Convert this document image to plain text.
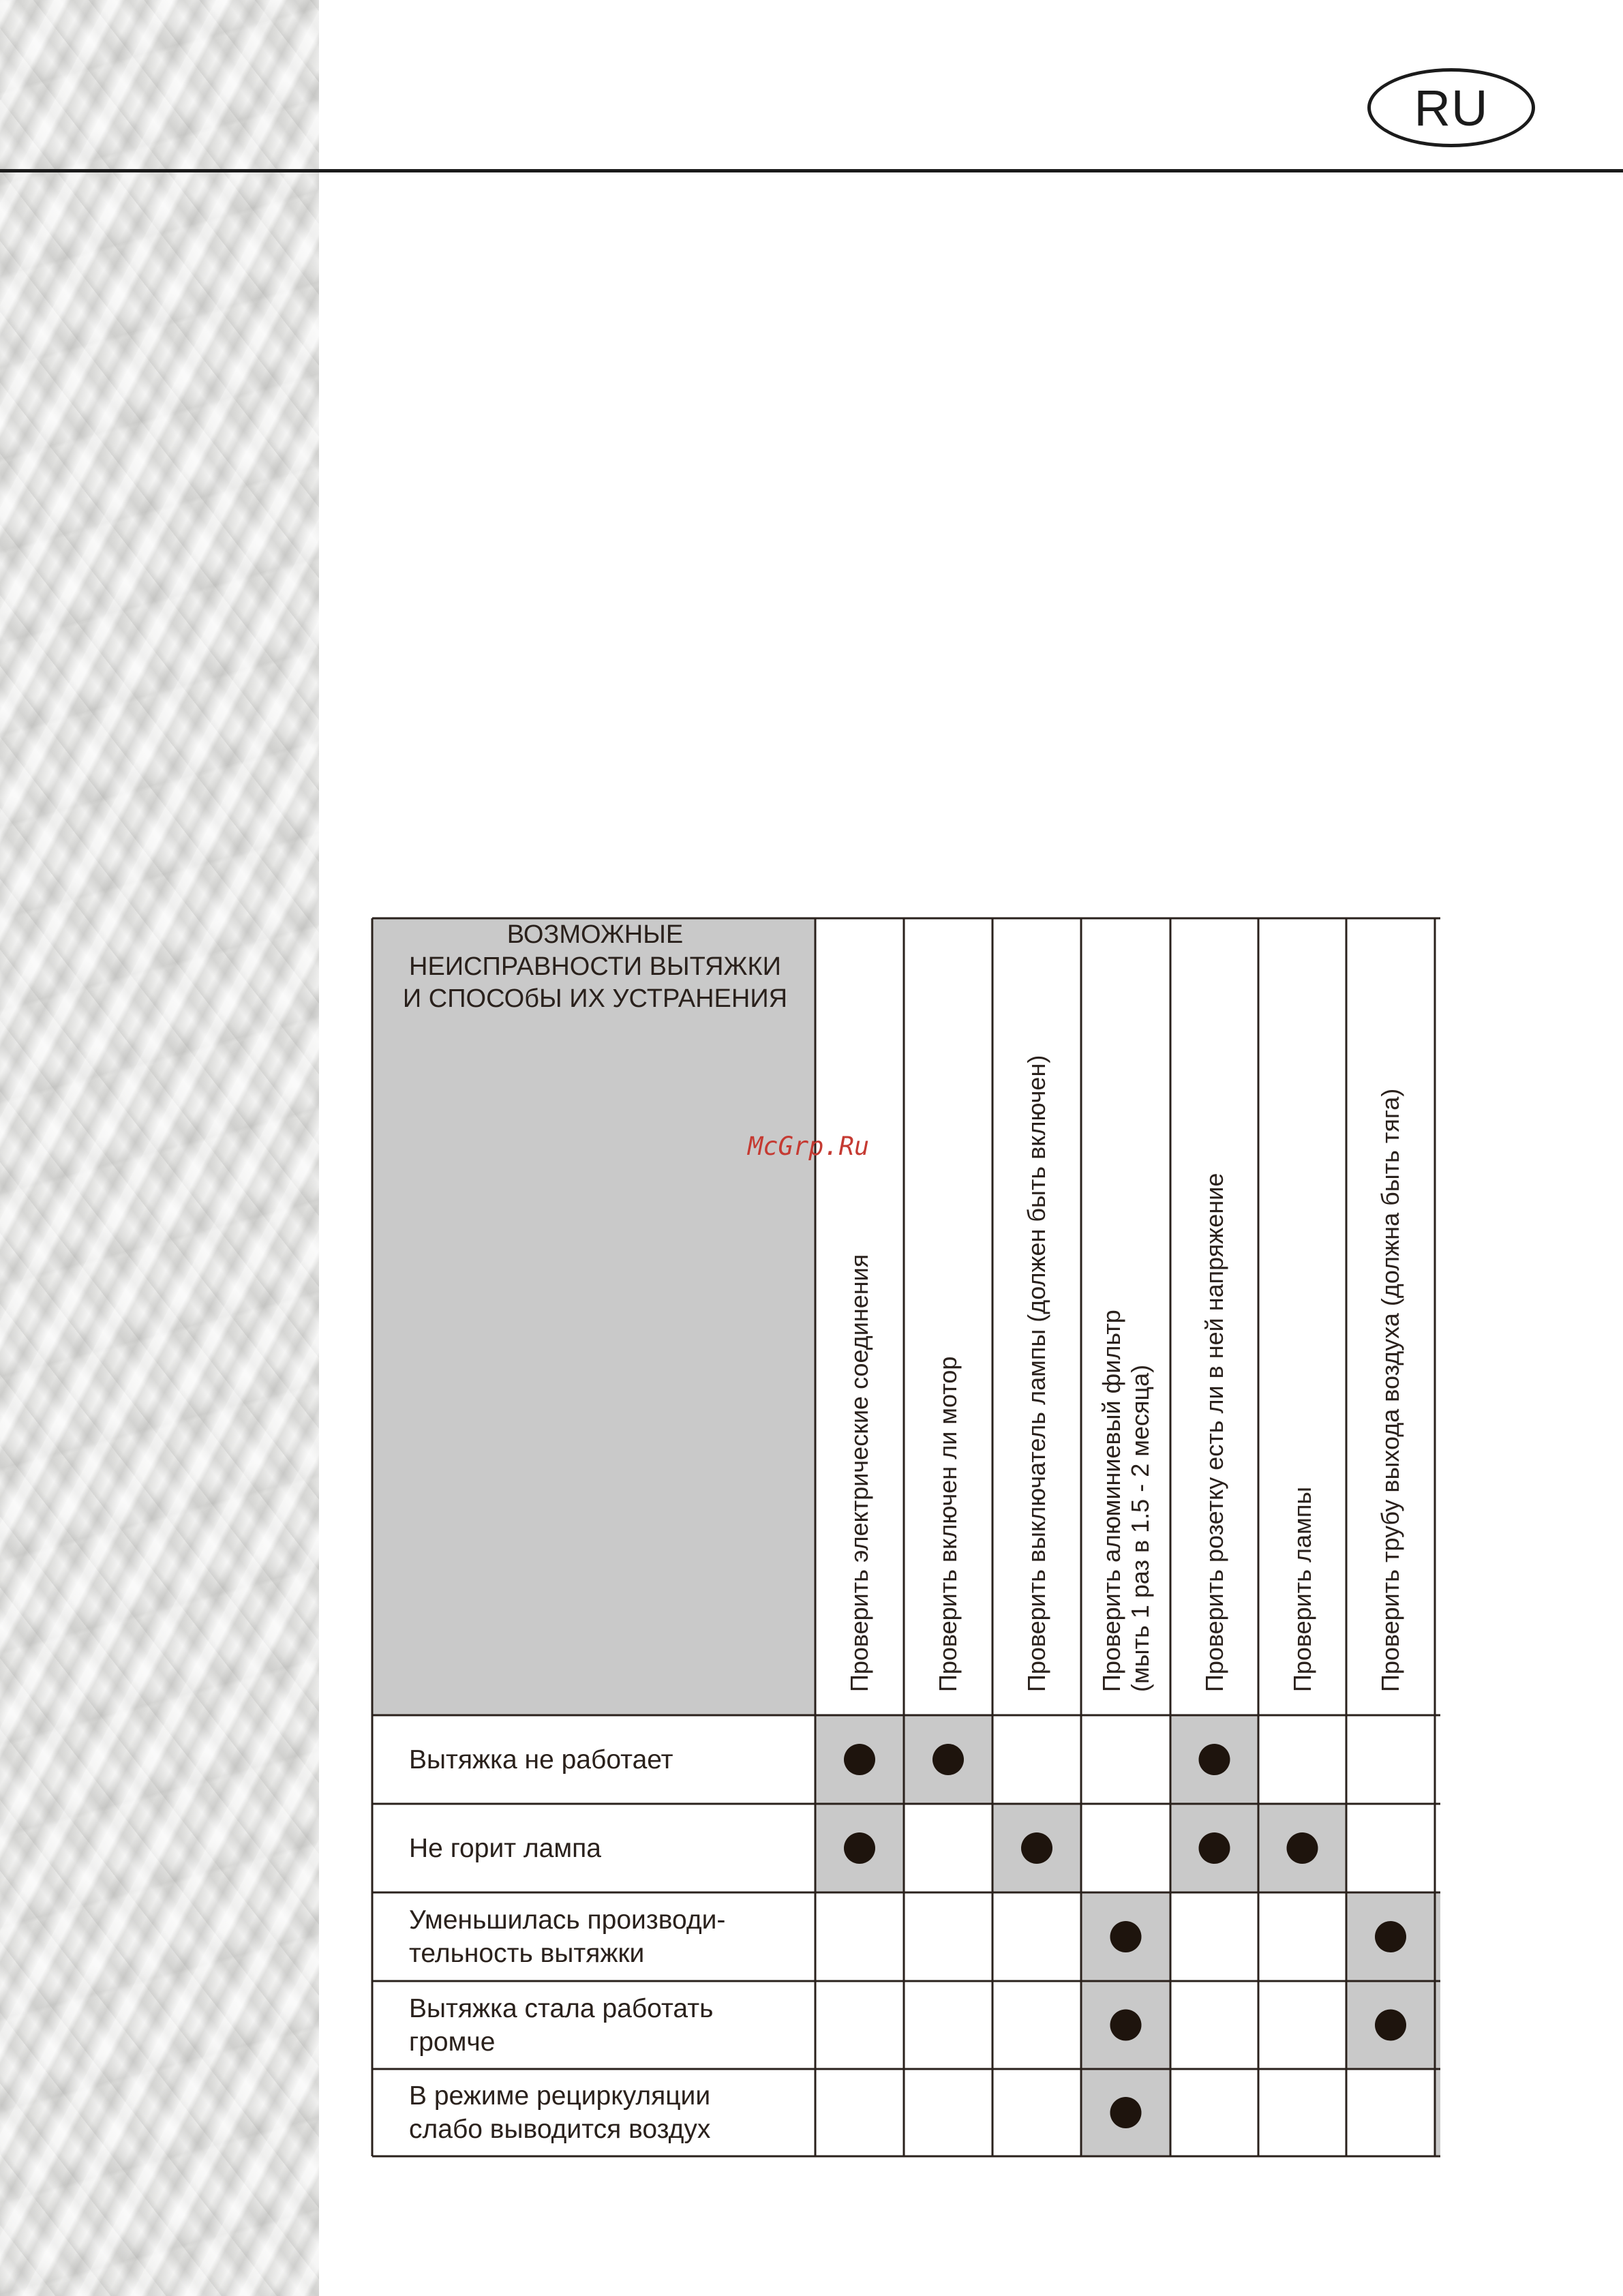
RU
ВОЗМОЖНЫЕ
НЕИСПРАВНОСТИ ВЫТЯЖКИ
И СПОСОбЫ ИХ УСТРАНЕНИЯ
Проверить электрические соединения Проверить включен ли мотор Проверить выключатель лампы (должен быть включен) Проверить алюминиевый фильтр (мыть 1 раз в 1.5 - 2 месяца) Проверить розетку есть ли в ней напряжение Проверить лампы Проверить трубу выхода воздуха (должна быть тяга)
Вытяжка не работает
Не горит лампа
Уменьшилась производи-
тельность вытяжки
Вытяжка стала работать
громче
В режиме рециркуляции
слабо выводится воздух
McGrp.Ru
